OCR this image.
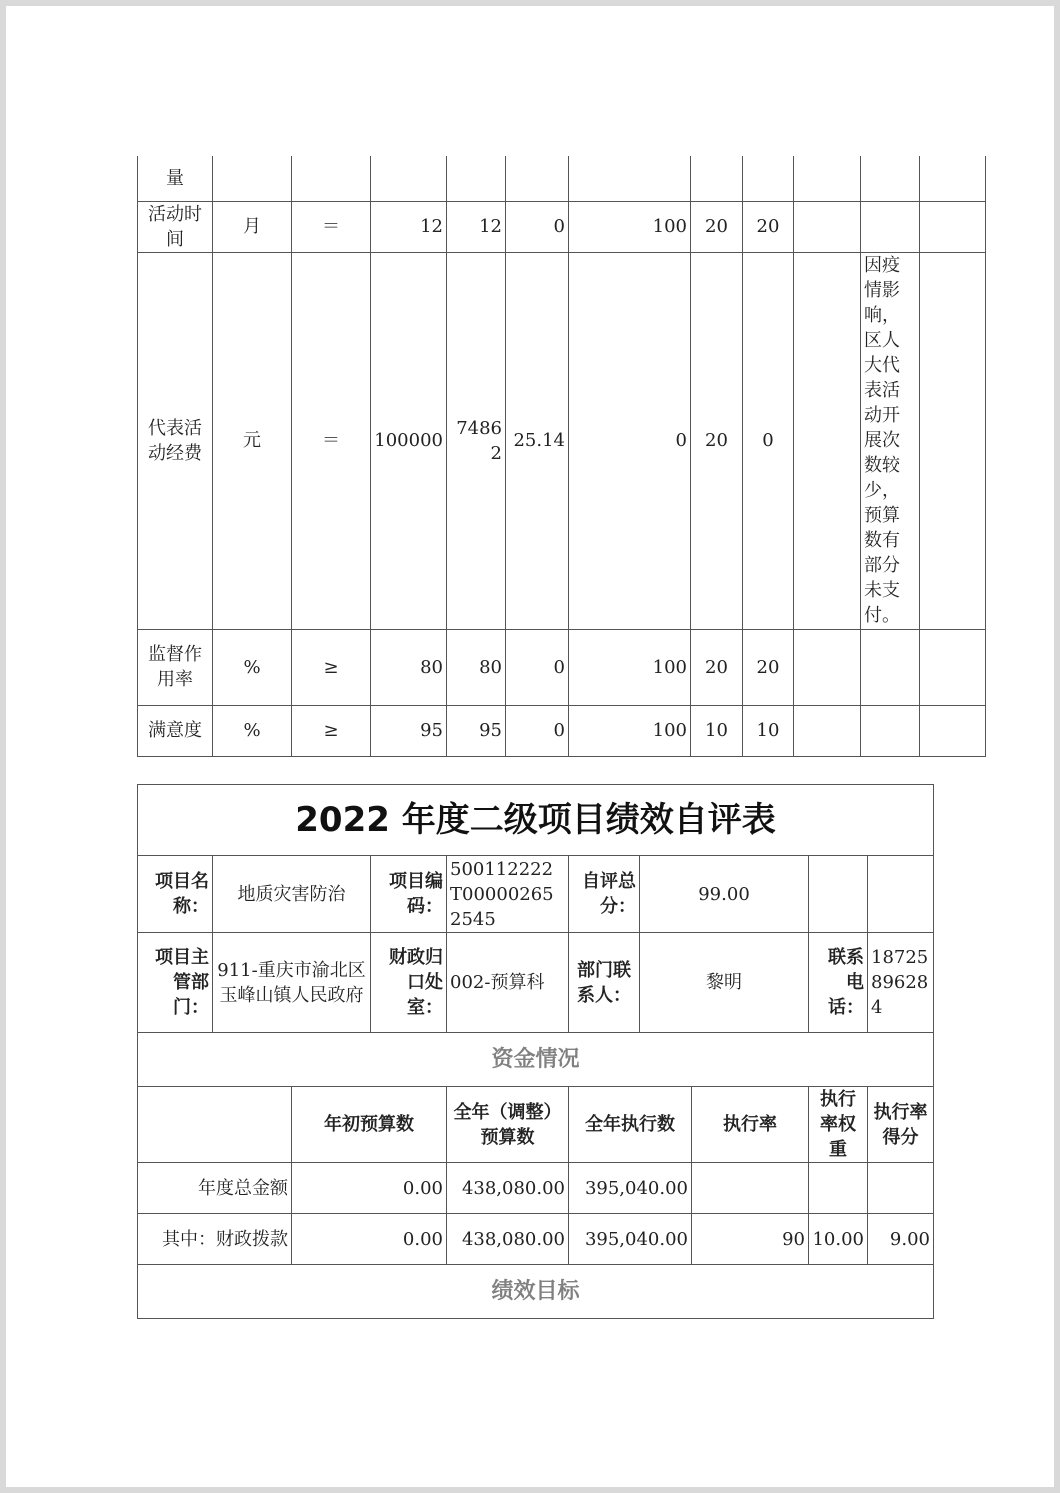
量											
活动时间	月	＝	12	12	0	100	20	20			
代表活动经费	元	＝	100000	74862	25.14	0	20	0		因疫情影响，区人大代表活动开展次数较少，预算数有部分未支付。	
监督作用率	%	≥	80	80	0	100	20	20			
满意度	%	≥	95	95	0	100	10	10			
2022 年度二级项目绩效自评表									
项目名称：	地质灾害防治		项目编码：	500112222T000002652545	自评总分：	99.00			
项目主管部门：	911-重庆市渝北区玉峰山镇人民政府		财政归口处室：	002-预算科	部门联系人：	黎明		联系电话：	18725896284
资金情况									
		年初预算数		全年（调整）预算数	全年执行数		执行率	执行率权重	执行率得分
年度总金额		0.00		438,080.00	395,040.00				
其中：财政拨款		0.00		438,080.00	395,040.00		90	10.00	9.00
绩效目标									
